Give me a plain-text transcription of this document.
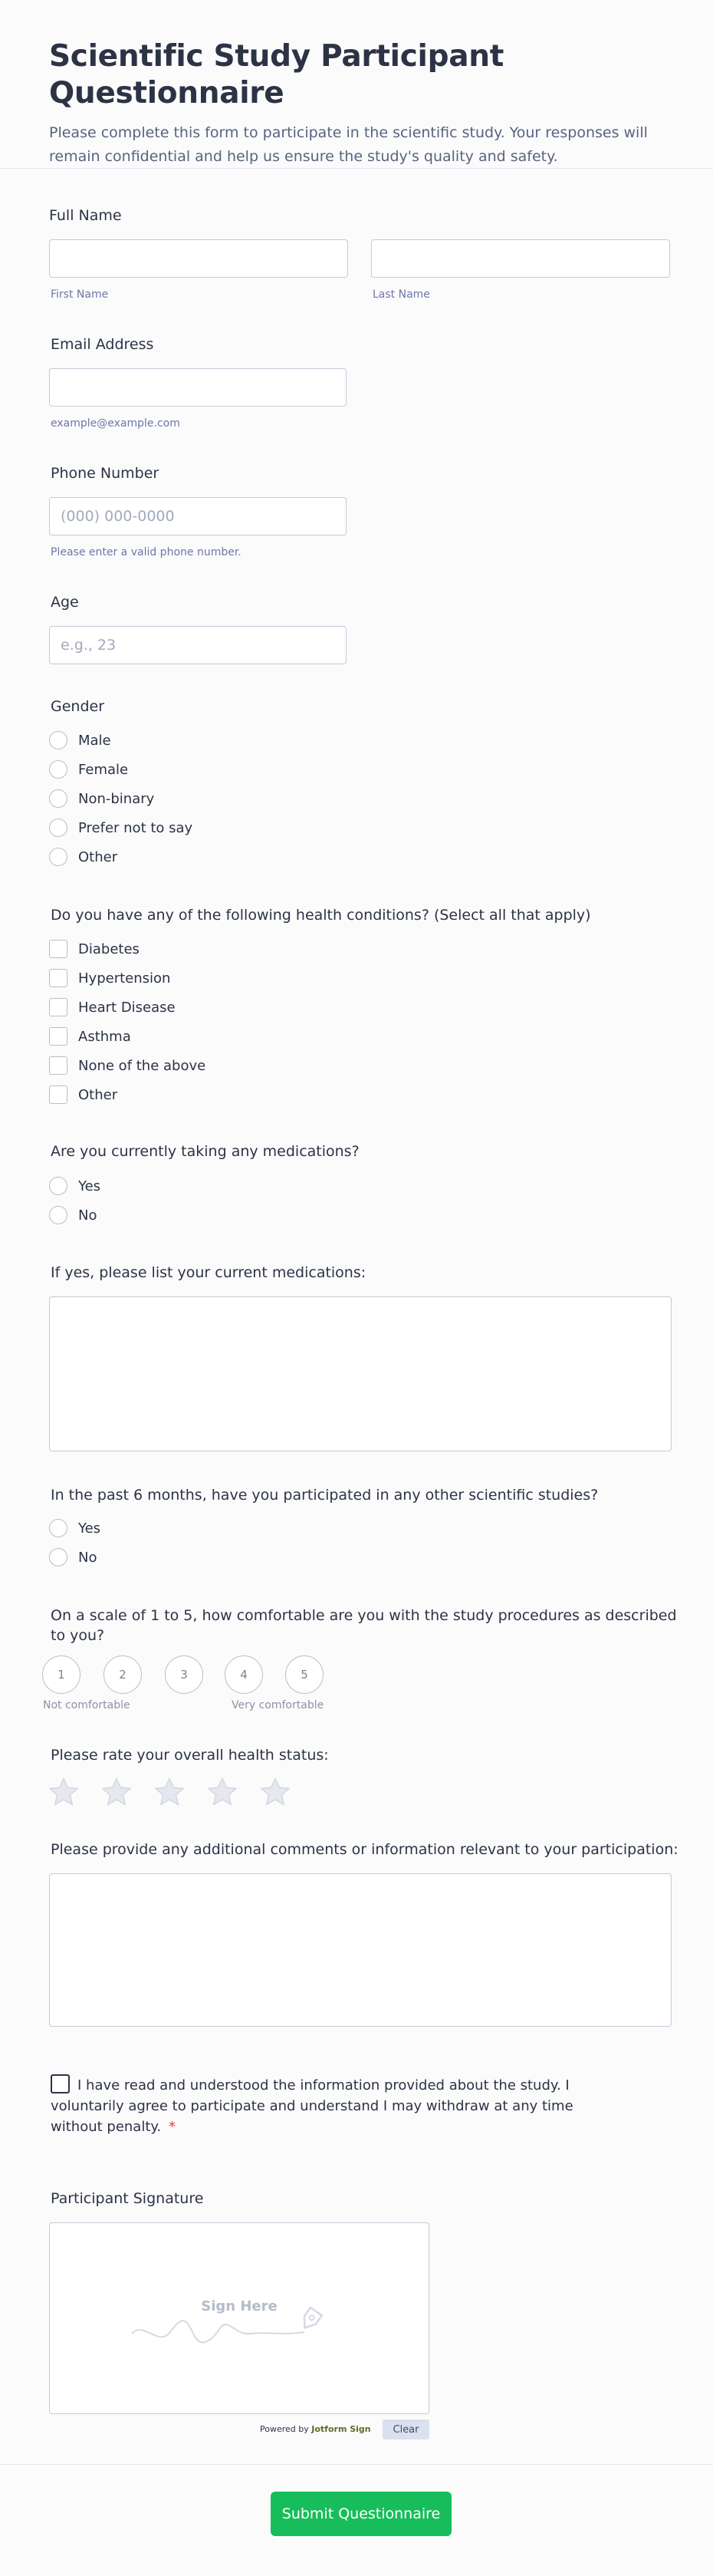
Scientific Study Participant Questionnaire

Please complete this form to participate in the scientific study. Your responses will remain confidential and help us ensure the study's quality and safety.

Full Name
First Name	Last Name
Email Address
example@example.com
Phone Number
(000) 000-0000
Please enter a valid phone number.
Age
e.g., 23
Gender
Male
Female
Non-binary
Prefer not to say
Other
Do you have any of the following health conditions? (Select all that apply)
Diabetes
Hypertension
Heart Disease
Asthma
None of the above
Other
Are you currently taking any medications?
Yes
No
If yes, please list your current medications:
In the past 6 months, have you participated in any other scientific studies?
Yes
No
On a scale of 1 to 5, how comfortable are you with the study procedures as described to you?
1	2	3	4	5
Not comfortable	Very comfortable
Please rate your overall health status:
Please provide any additional comments or information relevant to your participation:
I have read and understood the information provided about the study. I voluntarily agree to participate and understand I may withdraw at any time without penalty. *
Participant Signature
Sign Here
Powered by Jotform Sign	Clear
Submit Questionnaire
